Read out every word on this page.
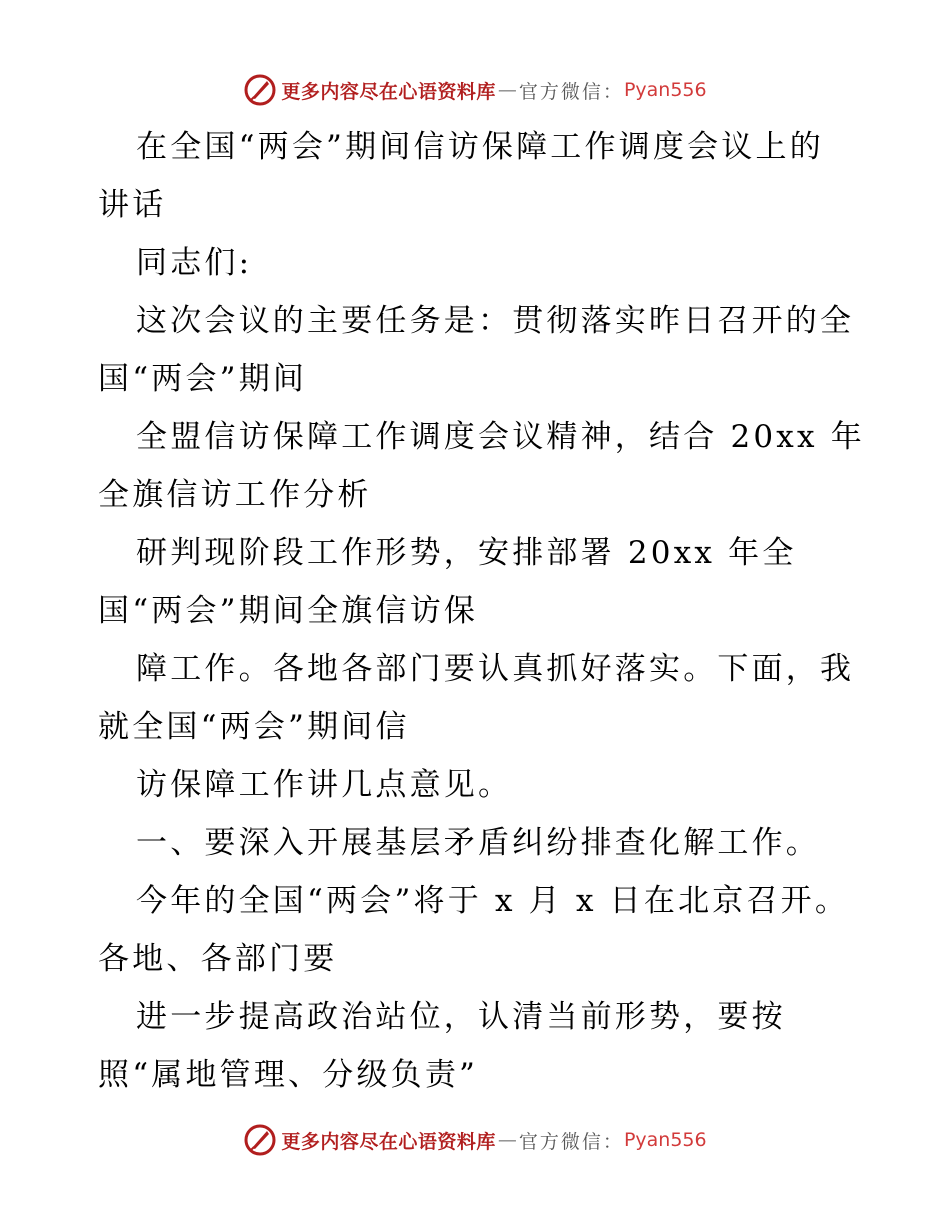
更多内容尽在心语资料库 — 官方微信： Pyan556
在全国“两会”期间信访保障工作调度会议上的
讲话
同志们:
这次会议的主要任务是：贯彻落实昨日召开的全
国“两会”期间
全盟信访保障工作调度会议精神，结合 20xx 年
全旗信访工作分析
研判现阶段工作形势，安排部署 20xx 年全
国“两会”期间全旗信访保
障工作。各地各部门要认真抓好落实。下面，我
就全国“两会”期间信
访保障工作讲几点意见。
一、要深入开展基层矛盾纠纷排查化解工作。
今年的全国“两会”将于 x 月 x 日在北京召开。
各地、各部门要
进一步提高政治站位，认清当前形势，要按
照“属地管理、分级负责”
更多内容尽在心语资料库 — 官方微信： Pyan556
